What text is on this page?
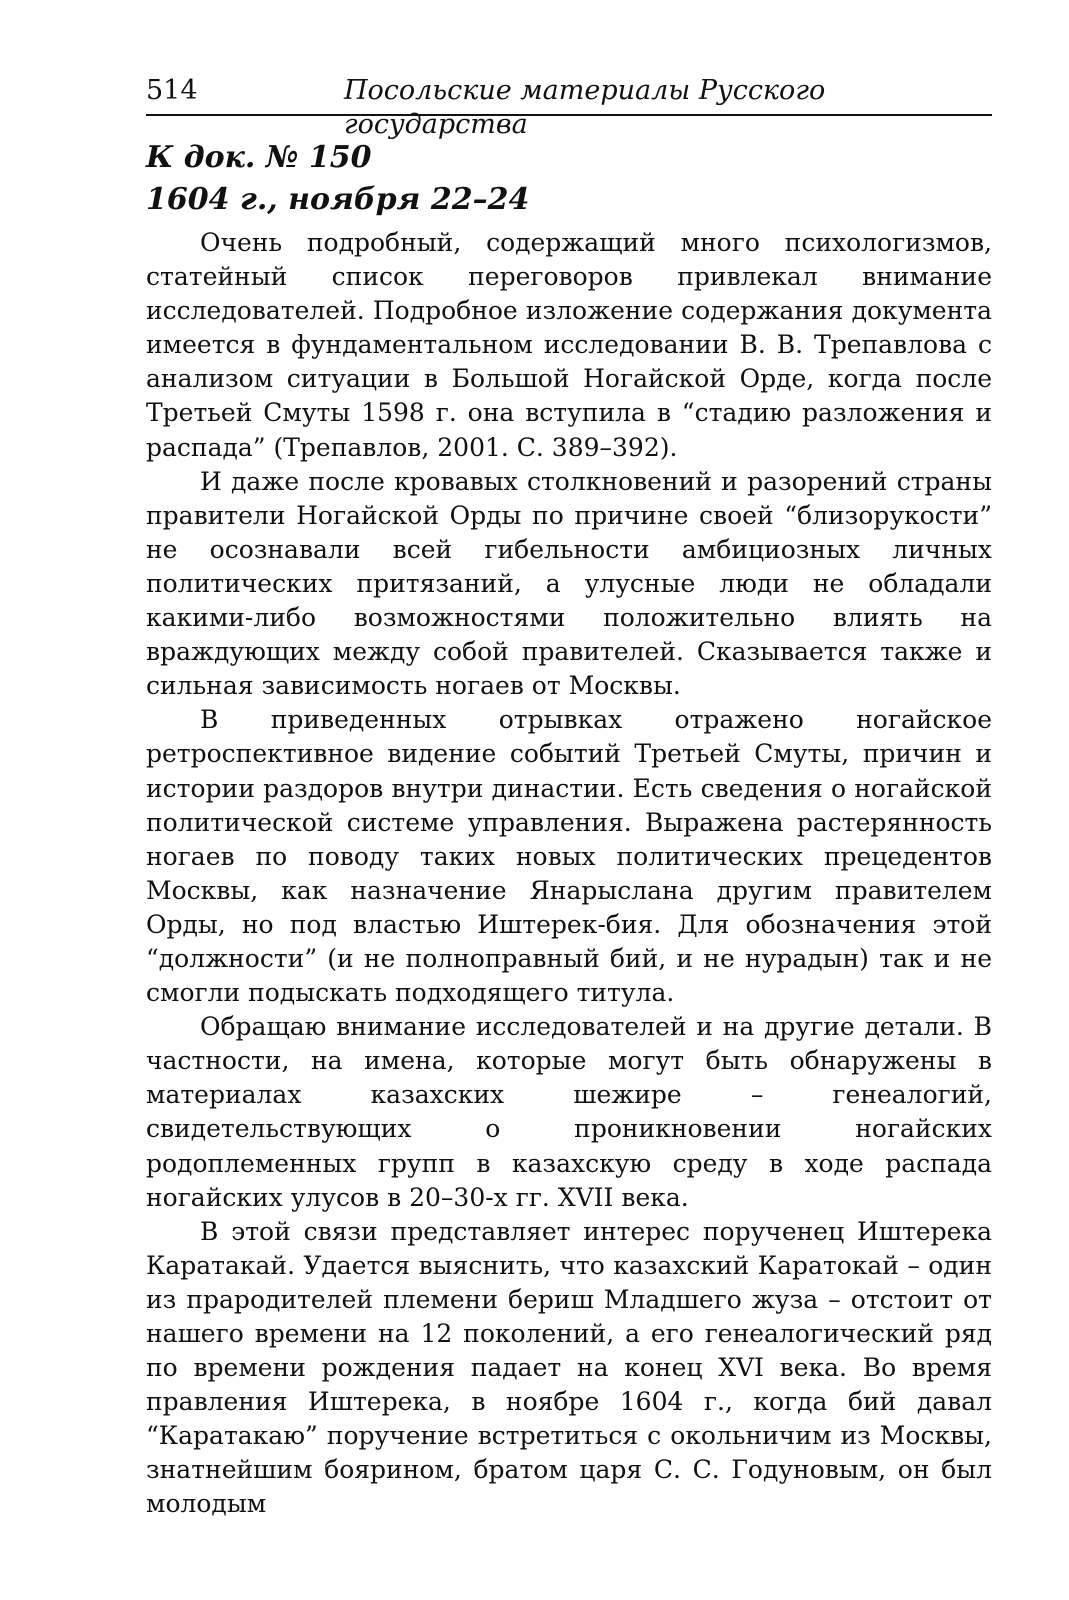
514	Посольские материалы Русского государства
К док. № 150
1604 г., ноября 22–24

Очень подробный, содержащий много психологизмов, статейный список переговоров привлекал внимание исследователей. Подробное изложение содержания документа имеется в фундаментальном исследовании В. В. Трепавлова с анализом ситуации в Большой Ногайской Орде, когда после Третьей Смуты 1598 г. она вступила в “стадию разложения и распада” (Трепавлов, 2001. С. 389–392).

И даже после кровавых столкновений и разорений страны правители Ногайской Орды по причине своей “близорукости” не осознавали всей гибельности амбициозных личных политических притязаний, а улусные люди не обладали какими-либо возможностями положительно влиять на враждующих между собой правителей. Сказывается также и сильная зависимость ногаев от Москвы.

В приведенных отрывках отражено ногайское ретроспективное видение событий Третьей Смуты, причин и истории раздоров внутри династии. Есть сведения о ногайской политической системе управления. Выражена растерянность ногаев по поводу таких новых политических прецедентов Москвы, как назначение Янарыслана другим правителем Орды, но под властью Иштерек-бия. Для обозначения этой “должности” (и не полноправный бий, и не нурадын) так и не смогли подыскать подходящего титула.

Обращаю внимание исследователей и на другие детали. В частности, на имена, которые могут быть обнаружены в материалах казахских шежире – генеалогий, свидетельствующих о проникновении ногайских родоплеменных групп в казахскую среду в ходе распада ногайских улусов в 20–30-х гг. XVII века.

В этой связи представляет интерес порученец Иштерека Каратакай. Удается выяснить, что казахский Каратокай – один из прародителей племени бериш Младшего жуза – отстоит от нашего времени на 12 поколений, а его генеалогический ряд по времени рождения падает на конец XVI века. Во время правления Иштерека, в ноябре 1604 г., когда бий давал “Каратакаю” поручение встретиться с окольничим из Москвы, знатнейшим боярином, братом царя С. С. Годуновым, он был молодым
